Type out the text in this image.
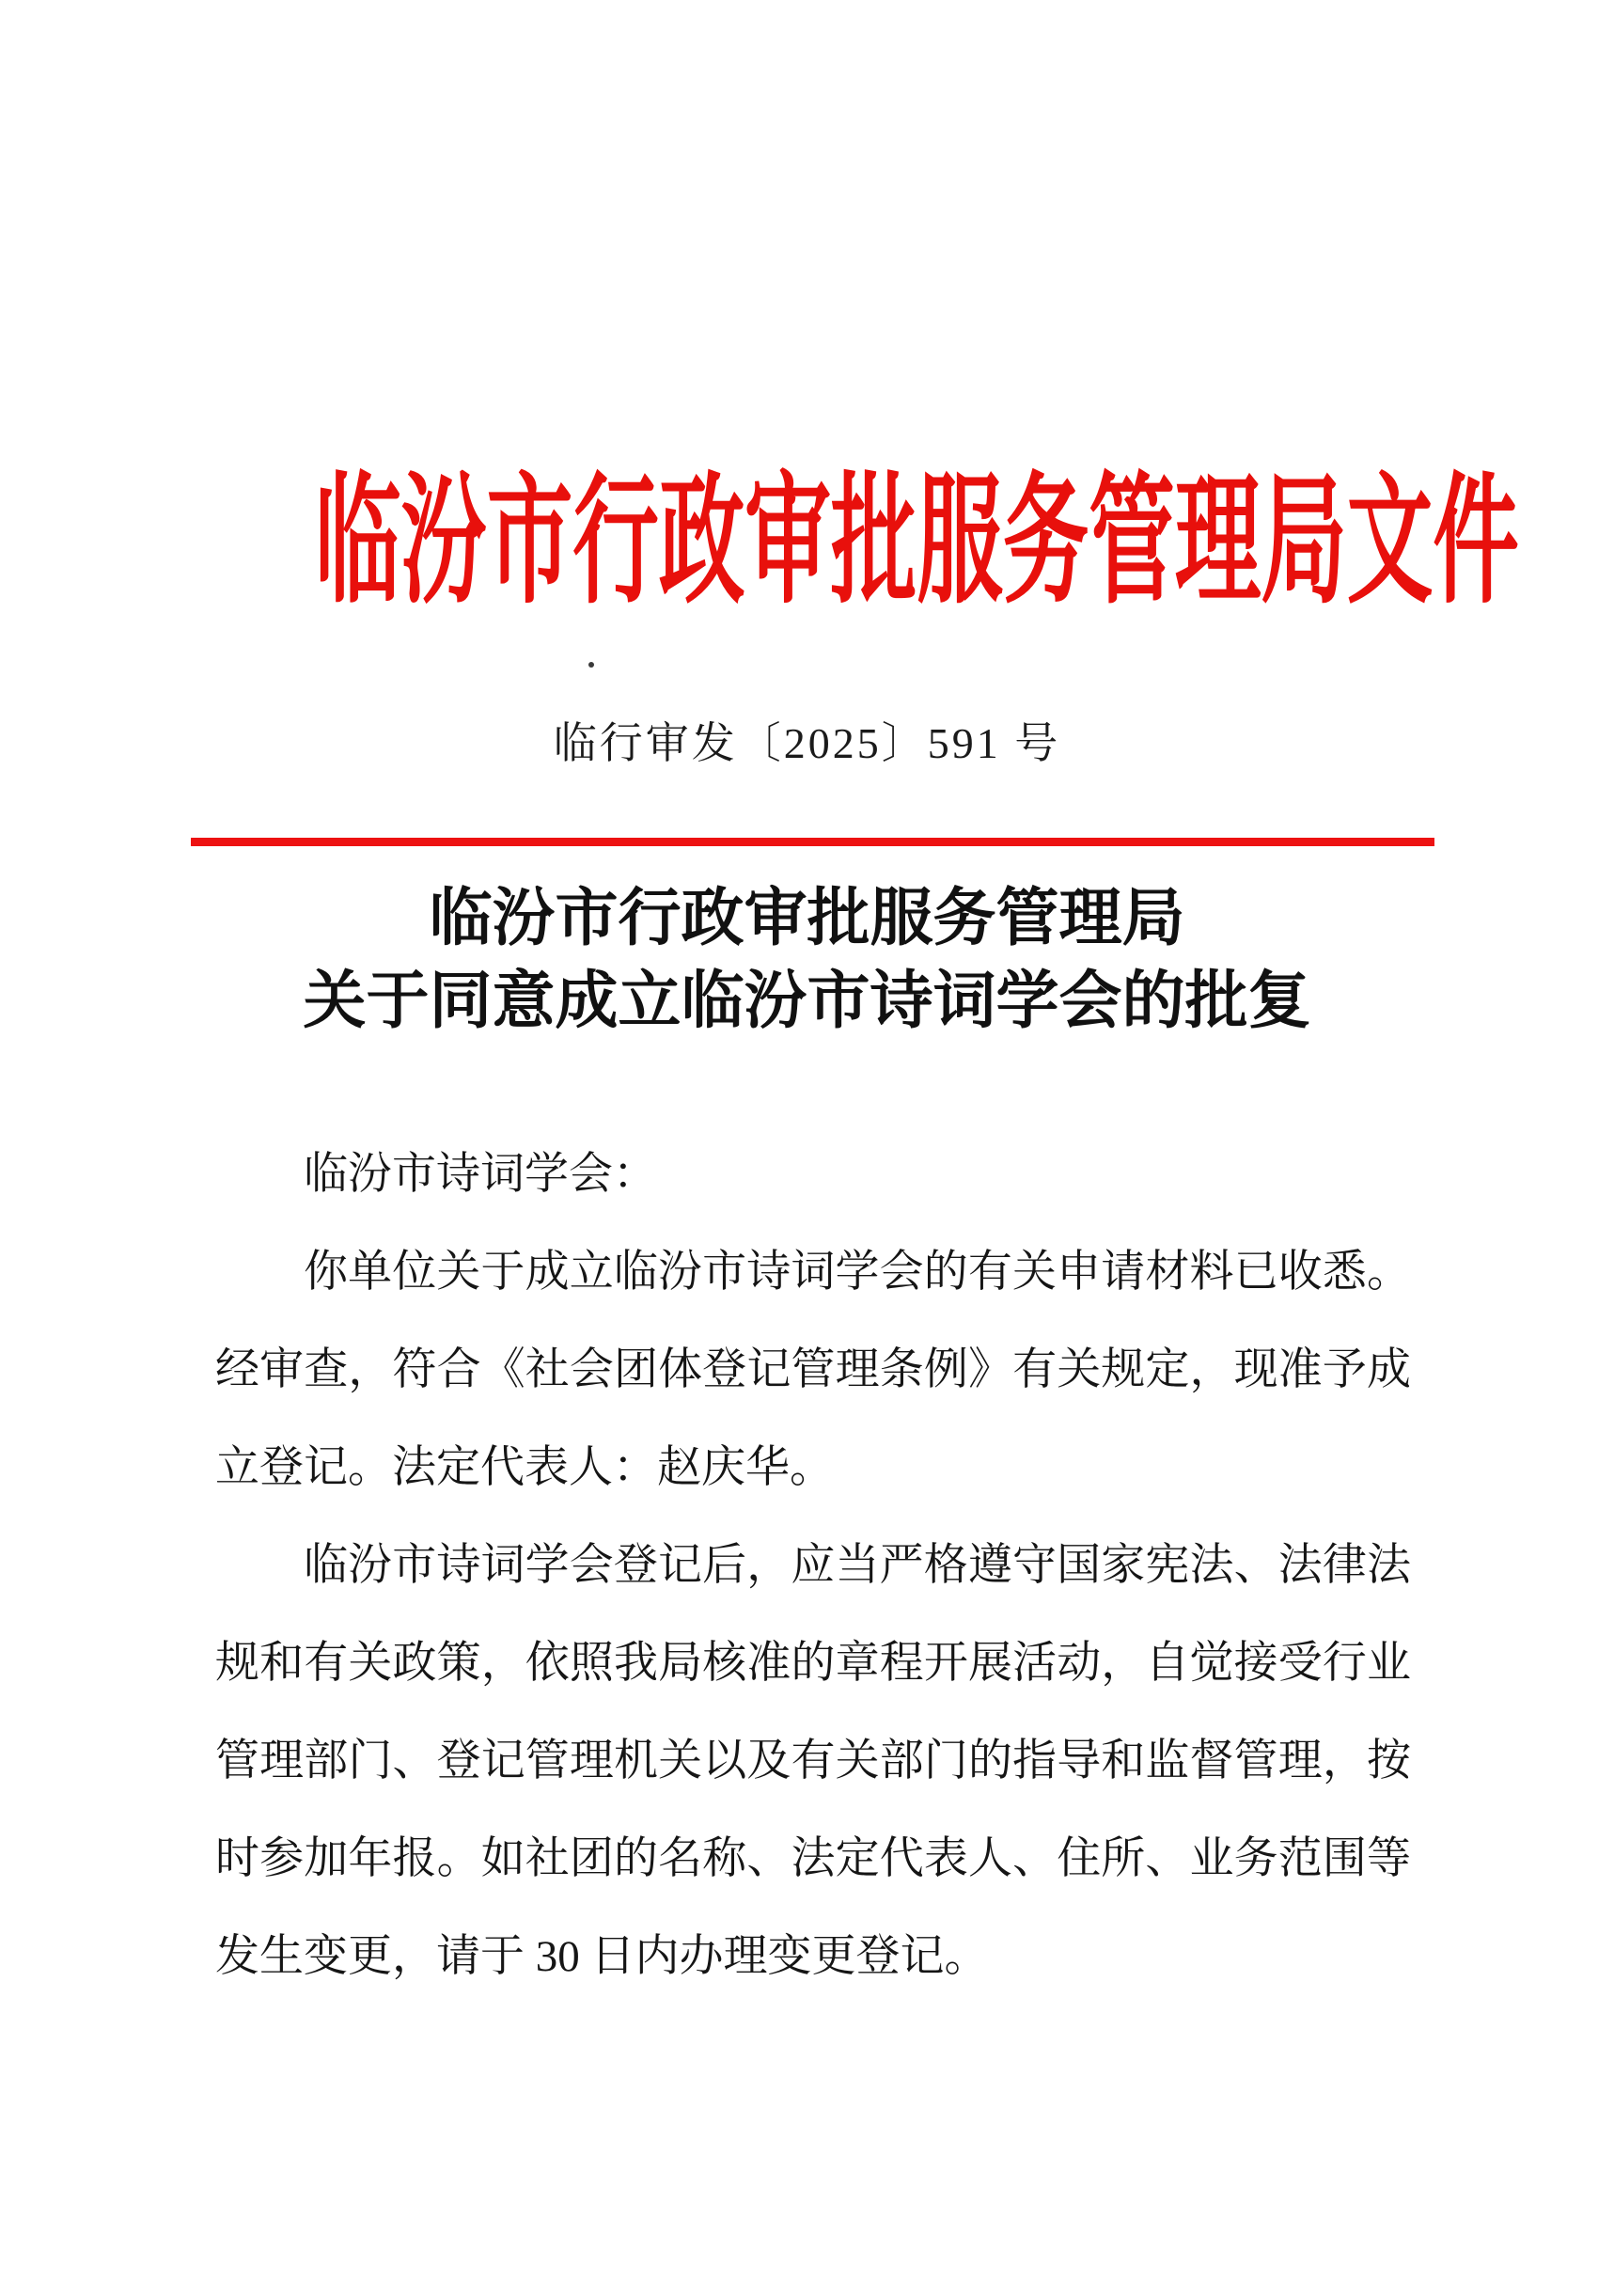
临汾市行政审批服务管理局文件
临行审发〔2025〕591 号
临汾市行政审批服务管理局
关于同意成立临汾市诗词学会的批复

临汾市诗词学会：

你单位关于成立临汾市诗词学会的有关申请材料已收悉。经审查，符合《社会团体登记管理条例》有关规定，现准予成立登记。法定代表人：赵庆华。

临汾市诗词学会登记后，应当严格遵守国家宪法、法律法规和有关政策，依照我局核准的章程开展活动，自觉接受行业管理部门、登记管理机关以及有关部门的指导和监督管理，按时参加年报。如社团的名称、法定代表人、住所、业务范围等发生变更，请于 30 日内办理变更登记。
